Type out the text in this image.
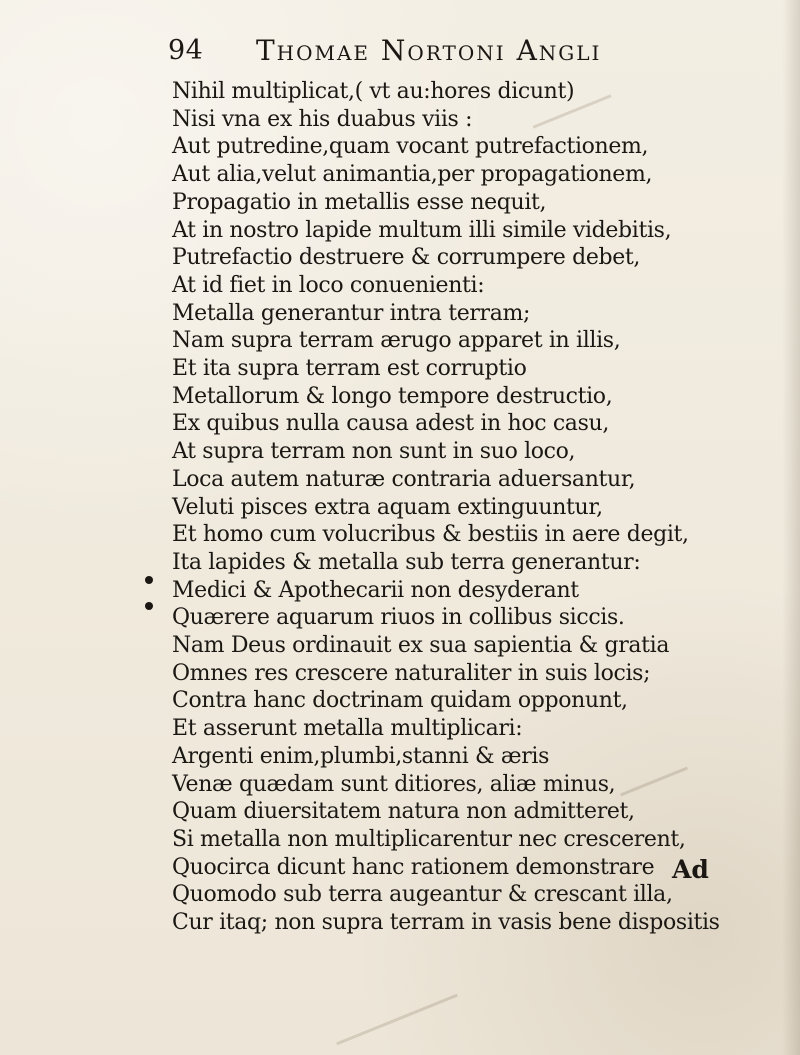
94 Thomae Nortoni Angli
Nihil multiplicat,( vt au:hores dicunt)
Nisi vna ex his duabus viis :
Aut putredine,quam vocant putrefactionem,
Aut alia,velut animantia,per propagationem,
Propagatio in metallis esse nequit,
At in nostro lapide multum illi simile videbitis,
Putrefactio destruere & corrumpere debet,
At id fiet in loco conuenienti:
Metalla generantur intra terram;
Nam supra terram ærugo apparet in illis,
Et ita supra terram est corruptio
Metallorum & longo tempore destructio,
Ex quibus nulla causa adest in hoc casu,
At supra terram non sunt in suo loco,
Loca autem naturæ contraria aduersantur,
Veluti pisces extra aquam extinguuntur,
Et homo cum volucribus & bestiis in aere degit,
Ita lapides & metalla sub terra generantur:
Medici & Apothecarii non desyderant
Quærere aquarum riuos in collibus siccis.
Nam Deus ordinauit ex sua sapientia & gratia
Omnes res crescere naturaliter in suis locis;
Contra hanc doctrinam quidam opponunt,
Et asserunt metalla multiplicari:
Argenti enim,plumbi,stanni & æris
Venæ quædam sunt ditiores, aliæ minus,
Quam diuersitatem natura non admitteret,
Si metalla non multiplicarentur nec crescerent,
Quocirca dicunt hanc rationem demonstrare
Quomodo sub terra augeantur & crescant illa,
Cur itaq; non supra terram in vasis bene dispositis
Ad
